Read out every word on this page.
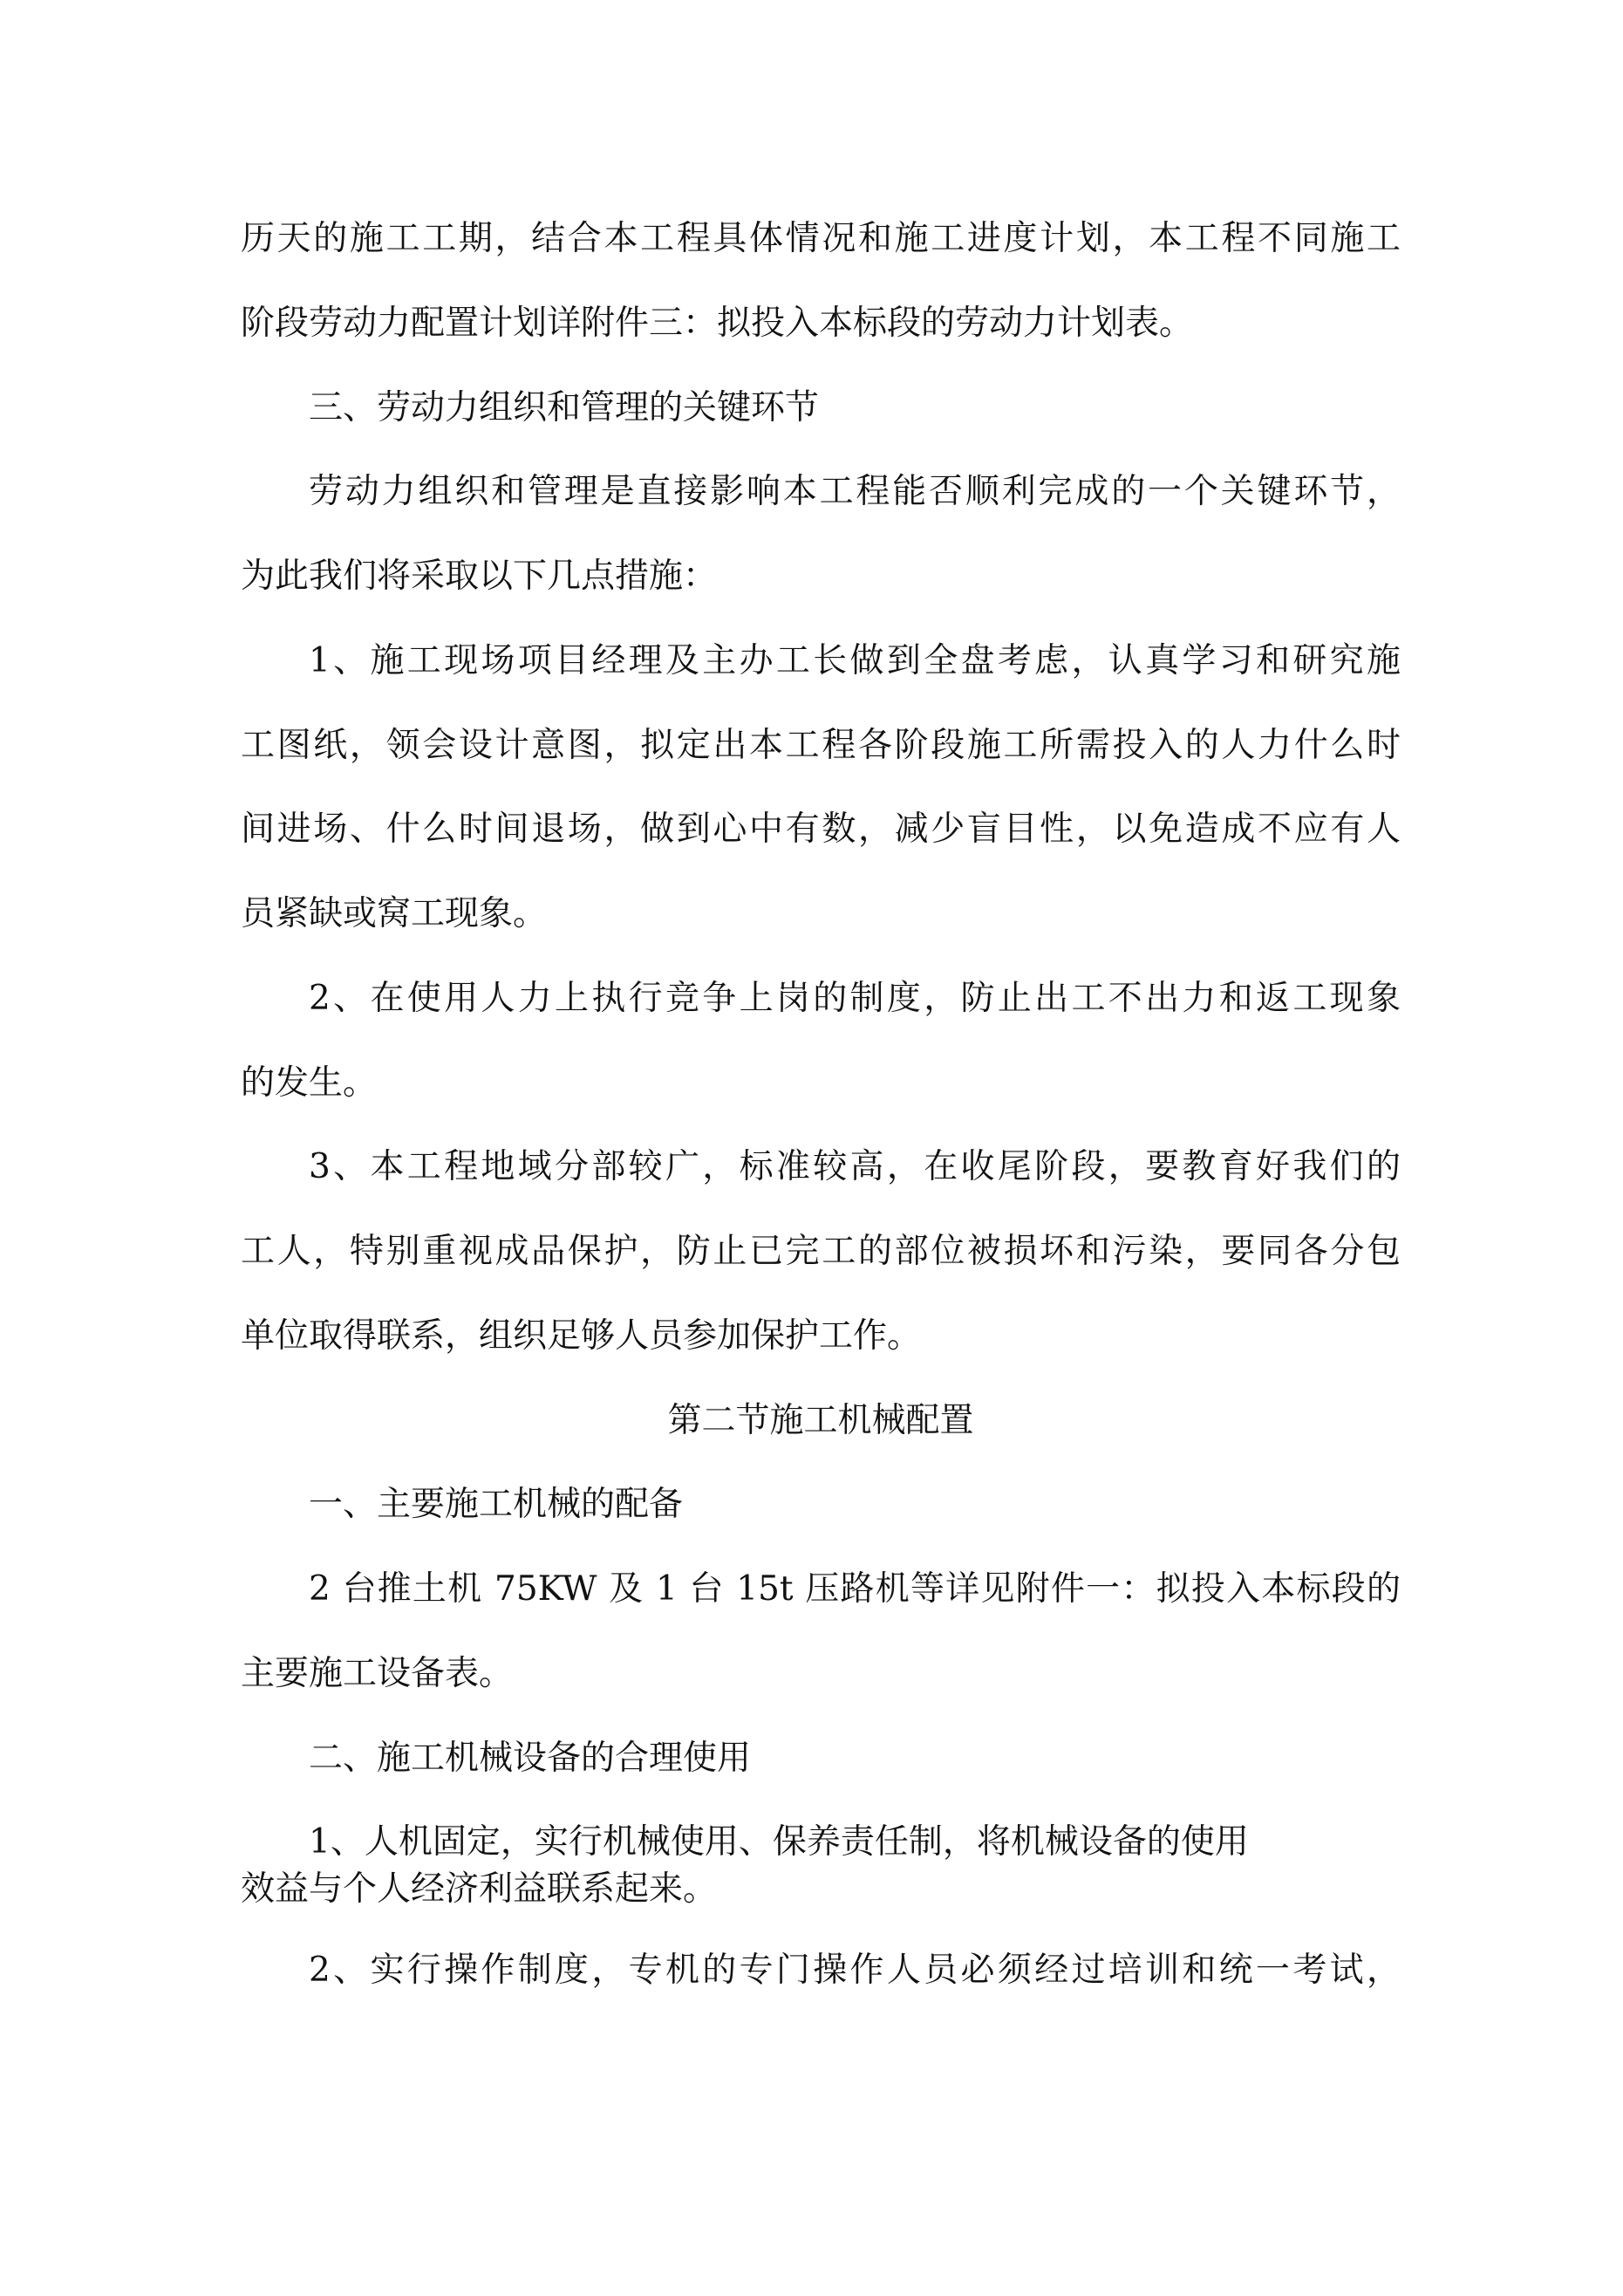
历天的施工工期，结合本工程具体情况和施工进度计划，本工程不同施工
阶段劳动力配置计划详附件三：拟投入本标段的劳动力计划表。
三、劳动力组织和管理的关键环节
劳动力组织和管理是直接影响本工程能否顺利完成的一个关键环节，
为此我们将采取以下几点措施：
1、施工现场项目经理及主办工长做到全盘考虑，认真学习和研究施
工图纸，领会设计意图，拟定出本工程各阶段施工所需投入的人力什么时
间进场、什么时间退场，做到心中有数，减少盲目性，以免造成不应有人
员紧缺或窝工现象。
2、在使用人力上执行竞争上岗的制度，防止出工不出力和返工现象
的发生。
3、本工程地域分部较广，标准较高，在收尾阶段，要教育好我们的
工人，特别重视成品保护，防止已完工的部位被损坏和污染，要同各分包
单位取得联系，组织足够人员参加保护工作。
第二节施工机械配置
一、主要施工机械的配备
2 台推土机 75KW 及 1 台 15t 压路机等详见附件一：拟投入本标段的
主要施工设备表。
二、施工机械设备的合理使用
1、人机固定，实行机械使用、保养责任制，将机械设备的使用
效益与个人经济利益联系起来。
2、实行操作制度，专机的专门操作人员必须经过培训和统一考试，
